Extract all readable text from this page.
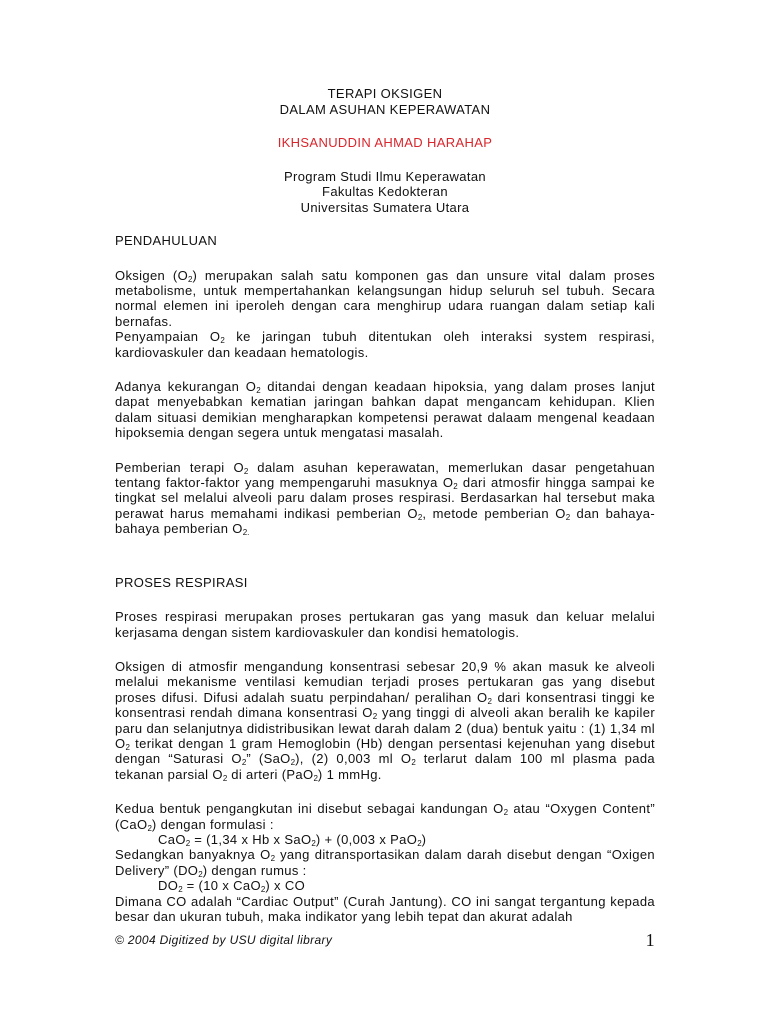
TERAPI OKSIGEN
DALAM ASUHAN KEPERAWATAN
IKHSANUDDIN AHMAD HARAHAP
Program Studi Ilmu Keperawatan
Fakultas Kedokteran
Universitas Sumatera Utara
PENDAHULUAN

Oksigen $(O_2)$ merupakan salah satu komponen gas dan unsure vital dalam proses metabolisme, untuk mempertahankan kelangsungan hidup seluruh sel tubuh. Secara normal elemen ini iperoleh dengan cara menghirup udara ruangan dalam setiap kali bernafas.

Penyampaian $O_2$ ke jaringan tubuh ditentukan oleh interaksi system respirasi, kardiovaskuler dan keadaan hematologis.

Adanya kekurangan $O_2$ ditandai dengan keadaan hipoksia, yang dalam proses lanjut dapat menyebabkan kematian jaringan bahkan dapat mengancam kehidupan. Klien dalam situasi demikian mengharapkan kompetensi perawat dalaam mengenal keadaan hipoksemia dengan segera untuk mengatasi masalah.

Pemberian terapi $O_2$ dalam asuhan keperawatan, memerlukan dasar pengetahuan tentang faktor-faktor yang mempengaruhi masuknya $O_2$ dari atmosfir hingga sampai ke tingkat sel melalui alveoli paru dalam proses respirasi. Berdasarkan hal tersebut maka perawat harus memahami indikasi pemberian $O_2$, metode pemberian $O_2$ dan bahaya-bahaya pemberian $O_{2.}$

PROSES RESPIRASI

Proses respirasi merupakan proses pertukaran gas yang masuk dan keluar melalui kerjasama dengan sistem kardiovaskuler dan kondisi hematologis.

Oksigen di atmosfir mengandung konsentrasi sebesar 20,9 % akan masuk ke alveoli melalui mekanisme ventilasi kemudian terjadi proses pertukaran gas yang disebut proses difusi. Difusi adalah suatu perpindahan/ peralihan $O_2$ dari konsentrasi tinggi ke konsentrasi rendah dimana konsentrasi $O_2$ yang tinggi di alveoli akan beralih ke kapiler paru dan selanjutnya didistribusikan lewat darah dalam 2 (dua) bentuk yaitu : (1) 1,34 ml $O_2$ terikat dengan 1 gram Hemoglobin (Hb) dengan persentasi kejenuhan yang disebut dengan “Saturasi $O_2$” (SaO$_2$), (2) 0,003 ml $O_2$ terlarut dalam 100 ml plasma pada tekanan parsial $O_2$ di arteri (PaO$_2$) 1 mmHg.

Kedua bentuk pengangkutan ini disebut sebagai kandungan $O_2$ atau “Oxygen Content” (CaO$_2$) dengan formulasi :

CaO$_2$ = (1,34 x Hb x SaO$_2$) + (0,003 x PaO$_2$)

Sedangkan banyaknya $O_2$ yang ditransportasikan dalam darah disebut dengan “Oxigen Delivery” $(DO_2)$ dengan rumus :

$DO_2 = (10$ x CaO$_2$) x CO

Dimana CO adalah “Cardiac Output” (Curah Jantung). CO ini sangat tergantung kepada besar dan ukuran tubuh, maka indikator yang lebih tepat dan akurat adalah

© 2004 Digitized by USU digital library	1
